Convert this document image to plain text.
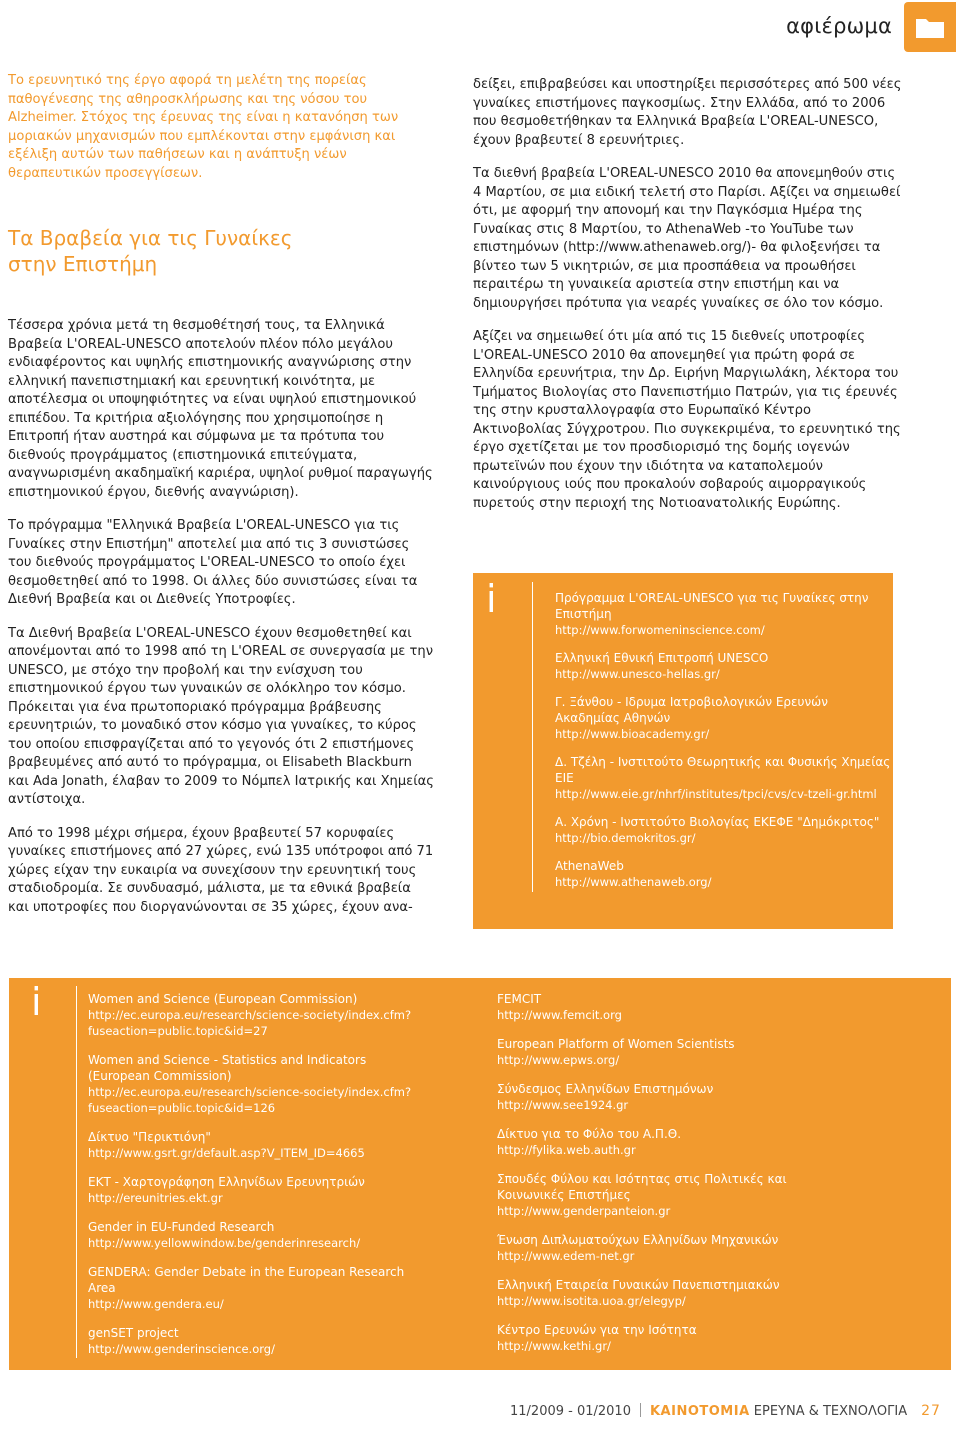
αφιέρωμα

Το ερευνητικό της έργο αφορά τη μελέτη της πορείας παθογένεσης της αθηροσκλήρωσης και της νόσου του Alzheimer. Στόχος της έρευνας της είναι η κατανόηση των μοριακών μηχανισμών που εμπλέκονται στην εμφάνιση και εξέλιξη αυτών των παθήσεων και η ανάπτυξη νέων θεραπευτικών προσεγγίσεων.

Τα Βραβεία για τις Γυναίκες
στην Επιστήμη

Τέσσερα χρόνια μετά τη θεσμοθέτησή τους, τα Ελληνικά Βραβεία L'OREAL-UNESCO αποτελούν πλέον πόλο μεγάλου ενδιαφέροντος και υψηλής επιστημονικής αναγνώρισης στην ελληνική πανεπιστημιακή και ερευνητική κοινότητα, με αποτέλεσμα οι υποψηφιότητες να είναι υψηλού επιστημονικού επιπέδου. Τα κριτήρια αξιολόγησης που χρησιμοποίησε η Επιτροπή ήταν αυστηρά και σύμφωνα με τα πρότυπα του διεθνούς προγράμματος (επιστημονικά επιτεύγματα, αναγνωρισμένη ακαδημαϊκή καριέρα, υψηλοί ρυθμοί παραγωγής επιστημονικού έργου, διεθνής αναγνώριση).

Το πρόγραμμα "Ελληνικά Βραβεία L'OREAL-UNESCO για τις Γυναίκες στην Επιστήμη" αποτελεί μια από τις 3 συνιστώσες του διεθνούς προγράμματος L'OREAL-UNESCO το οποίο έχει θεσμοθετηθεί από το 1998. Οι άλλες δύο συνιστώσες είναι τα Διεθνή Βραβεία και οι Διεθνείς Υποτροφίες.

Τα Διεθνή Βραβεία L'OREAL-UNESCO έχουν θεσμοθετηθεί και απονέμονται από το 1998 από τη L'OREAL σε συνεργασία με την UNESCO, με στόχο την προβολή και την ενίσχυση του επιστημονικού έργου των γυναικών σε ολόκληρο τον κόσμο. Πρόκειται για ένα πρωτοποριακό πρόγραμμα βράβευσης ερευνητριών, το μοναδικό στον κόσμο για γυναίκες, το κύρος του οποίου επισφραγίζεται από το γεγονός ότι 2 επιστήμονες βραβευμένες από αυτό το πρόγραμμα, οι Elisabeth Blackburn και Ada Jonath, έλαβαν το 2009 το Νόμπελ Ιατρικής και Χημείας αντίστοιχα.

Από το 1998 μέχρι σήμερα, έχουν βραβευτεί 57 κορυφαίες γυναίκες επιστήμονες από 27 χώρες, ενώ 135 υπότροφοι από 71 χώρες είχαν την ευκαιρία να συνεχίσουν την ερευνητική τους σταδιοδρομία. Σε συνδυασμό, μάλιστα, με τα εθνικά βραβεία και υποτροφίες που διοργανώνονται σε 35 χώρες, έχουν ανα-

δείξει, επιβραβεύσει και υποστηρίξει περισσότερες από 500 νέες γυναίκες επιστήμονες παγκοσμίως. Στην Ελλάδα, από το 2006 που θεσμοθετήθηκαν τα Ελληνικά Βραβεία L'OREAL-UNESCO, έχουν βραβευτεί 8 ερευνήτριες.

Τα διεθνή βραβεία L'OREAL-UNESCO 2010 θα απονεμηθούν στις 4 Μαρτίου, σε μια ειδική τελετή στο Παρίσι. Αξίζει να σημειωθεί ότι, με αφορμή την απονομή και την Παγκόσμια Ημέρα της Γυναίκας στις 8 Μαρτίου, το AthenaWeb -το YouTube των επιστημόνων (http://www.athenaweb.org/)- θα φιλοξενήσει τα βίντεο των 5 νικητριών, σε μια προσπάθεια να προωθήσει περαιτέρω τη γυναικεία αριστεία στην επιστήμη και να δημιουργήσει πρότυπα για νεαρές γυναίκες σε όλο τον κόσμο.

Αξίζει να σημειωθεί ότι μία από τις 15 διεθνείς υποτροφίες L'OREAL-UNESCO 2010 θα απονεμηθεί για πρώτη φορά σε Ελληνίδα ερευνήτρια, την Δρ. Ειρήνη Μαργιωλάκη, λέκτορα του Τμήματος Βιολογίας στο Πανεπιστήμιο Πατρών, για τις έρευνές της στην κρυσταλλογραφία στο Ευρωπαϊκό Κέντρο Ακτινοβολίας Σύγχροτρου. Πιο συγκεκριμένα, το ερευνητικό της έργο σχετίζεται με τον προσδιορισμό της δομής ιογενών πρωτεϊνών που έχουν την ιδιότητα να καταπολεμούν καινούργιους ιούς που προκαλούν σοβαρούς αιμορραγικούς πυρετούς στην περιοχή της Νοτιοανατολικής Ευρώπης.

i	Πρόγραμμα L'OREAL-UNESCO για τις Γυναίκες στην Επιστήμη
http://www.forwomeninscience.com/
Ελληνική Εθνική Επιτροπή UNESCO
http://www.unesco-hellas.gr/
Γ. Ξάνθου - Ιδρυμα Ιατροβιολογικών Ερευνών Ακαδημίας Αθηνών
http://www.bioacademy.gr/
Δ. Τζέλη - Ινστιτούτο Θεωρητικής και Φυσικής Χημείας ΕΙΕ
http://www.eie.gr/nhrf/institutes/tpci/cvs/cv-tzeli-gr.html
Α. Χρόνη - Ινστιτούτο Βιολογίας ΕΚΕΦΕ "Δημόκριτος"
http://bio.demokritos.gr/
AthenaWeb
http://www.athenaweb.org/
i	Women and Science (European Commission)
http://ec.europa.eu/research/science-society/index.cfm?fuseaction=public.topic&id=27
Women and Science - Statistics and Indicators (European Commission)
http://ec.europa.eu/research/science-society/index.cfm?fuseaction=public.topic&id=126
Δίκτυο "Περικτιόνη"
http://www.gsrt.gr/default.asp?V_ITEM_ID=4665
ΕΚΤ - Χαρτογράφηση Ελληνίδων Ερευνητριών
http://ereunitries.ekt.gr
Gender in EU-Funded Research
http://www.yellowwindow.be/genderinresearch/
GENDERA: Gender Debate in the European Research Area
http://www.gendera.eu/
genSET project
http://www.genderinscience.org/
FEMCIT
http://www.femcit.org
European Platform of Women Scientists
http://www.epws.org/
Σύνδεσμος Ελληνίδων Επιστημόνων
http://www.see1924.gr
Δίκτυο για το Φύλο του Α.Π.Θ.
http://fylika.web.auth.gr
Σπουδές Φύλου και Ισότητας στις Πολιτικές και Κοινωνικές Επιστήμες
http://www.genderpanteion.gr
Ένωση Διπλωματούχων Ελληνίδων Μηχανικών
http://www.edem-net.gr
Ελληνική Εταιρεία Γυναικών Πανεπιστημιακών
http://www.isotita.uoa.gr/elegyp/
Κέντρο Ερευνών για την Ισότητα
http://www.kethi.gr/
11/2009 - 01/2010 ΚΑΙΝΟΤΟΜΙΑ ΕΡΕΥΝΑ & ΤΕΧΝΟΛΟΓΙΑ 27
